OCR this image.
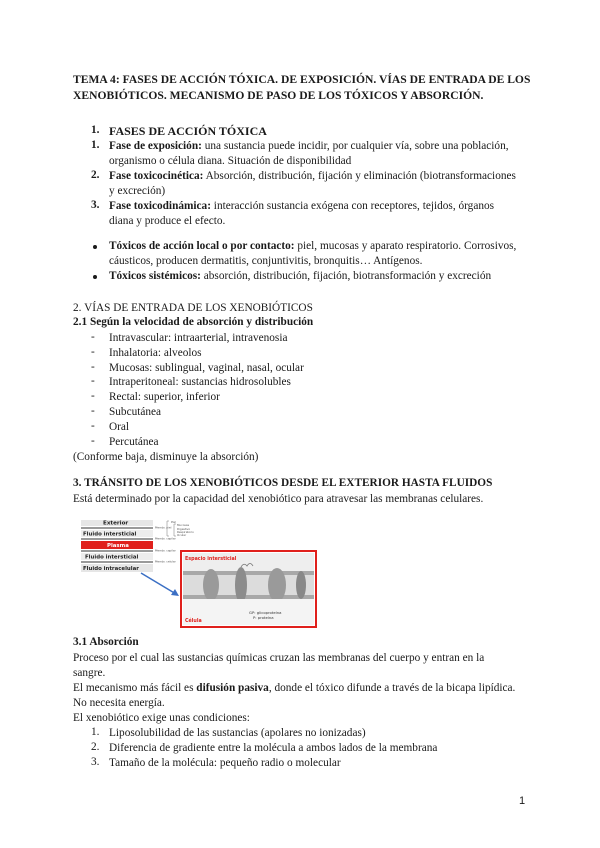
TEMA 4: FASES DE ACCIÓN TÓXICA. DE EXPOSICIÓN. VÍAS DE ENTRADA DE LOS XENOBIÓTICOS. MECANISMO DE PASO DE LOS TÓXICOS Y ABSORCIÓN.
1. FASES DE ACCIÓN TÓXICA
1. Fase de exposición: una sustancia puede incidir, por cualquier vía, sobre una población,
organismo o célula diana. Situación de disponibilidad
2. Fase toxicocinética: Absorción, distribución, fijación y eliminación (biotransformaciones
y excreción)
3. Fase toxicodinámica: interacción sustancia exógena con receptores, tejidos, órganos
diana y produce el efecto.
Tóxicos de acción local o por contacto: piel, mucosas y aparato respiratorio. Corrosivos,
cáusticos, producen dermatitis, conjuntivitis, bronquitis… Antígenos.
Tóxicos sistémicos: absorción, distribución, fijación, biotransformación y excreción
2. VÍAS DE ENTRADA DE LOS XENOBIÓTICOS
2.1 Según la velocidad de absorción y distribución
- Intravascular: intraarterial, intravenosia
- Inhalatoria: alveolos
- Mucosas: sublingual, vaginal, nasal, ocular
- Intraperitoneal: sustancias hidrosolubles
- Rectal: superior, inferior
- Subcutánea
- Oral
- Percutánea
(Conforme baja, disminuye la absorción)
3. TRÁNSITO DE LOS XENOBIÓTICOS DESDE EL EXTERIOR HASTA FLUIDOS
Está determinado por la capacidad del xenobiótico para atravesar las membranas celulares.
Exterior
Fluido intersticial
Plasma
Fluido intersticial
Fluido intracelular
Membr. piel
Membr. capilar
Membr. capilar
Membr. celular
Piel
Mucosas
Digestivo
Respiratorio
Ocular
Espacio intersticial
Célula
GP: glicoproteína
P: proteína
3.1 Absorción
Proceso por el cual las sustancias químicas cruzan las membranas del cuerpo y entran en la
sangre.
El mecanismo más fácil es difusión pasiva, donde el tóxico difunde a través de la bicapa lipídica.
No necesita energía.
El xenobiótico exige unas condiciones:
1. Liposolubilidad de las sustancias (apolares no ionizadas)
2. Diferencia de gradiente entre la molécula a ambos lados de la membrana
3. Tamaño de la molécula: pequeño radio o molecular
1
